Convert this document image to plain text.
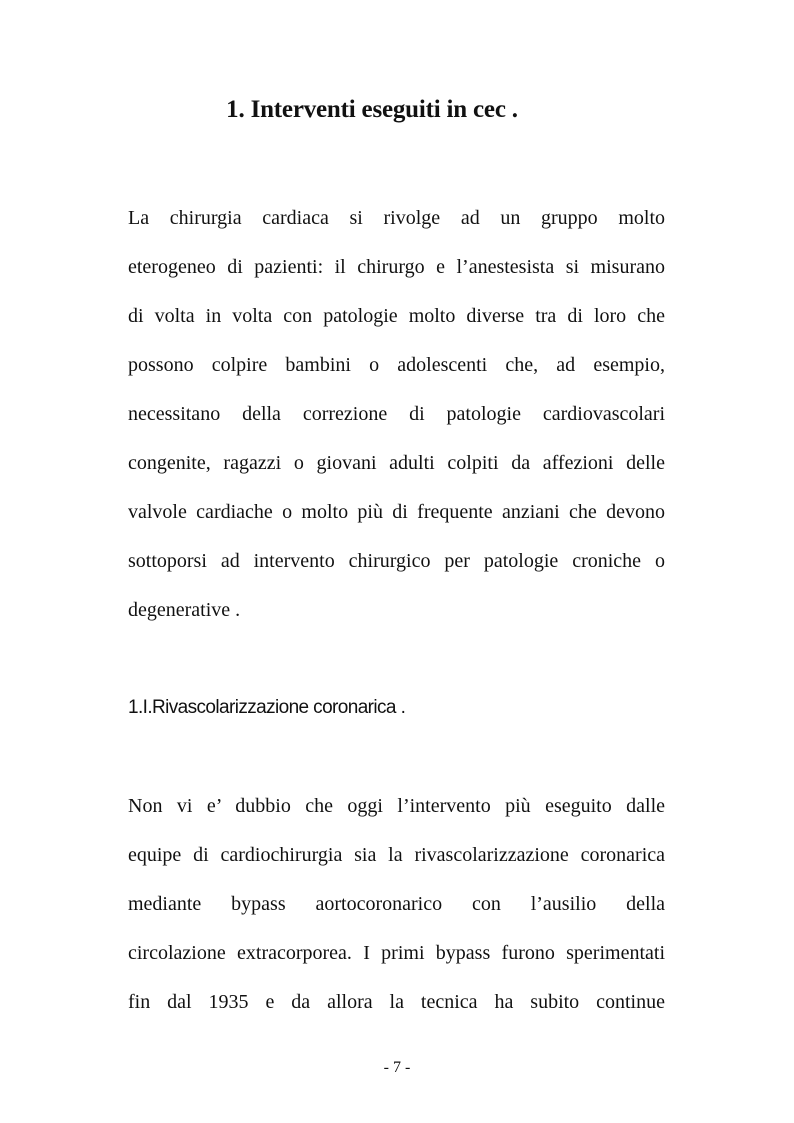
1. Interventi eseguiti in cec .
La chirurgia cardiaca si rivolge ad un gruppo molto
eterogeneo di pazienti: il chirurgo e l’anestesista si misurano
di volta in volta con patologie molto diverse tra di loro che
possono colpire bambini o adolescenti che, ad esempio,
necessitano della correzione di patologie cardiovascolari
congenite, ragazzi o giovani adulti colpiti da affezioni delle
valvole cardiache o molto più di frequente anziani che devono
sottoporsi ad intervento chirurgico per patologie croniche o
degenerative .
1.I.Rivascolarizzazione coronarica .
Non vi e’ dubbio che oggi l’intervento più eseguito dalle
equipe di cardiochirurgia sia la rivascolarizzazione coronarica
mediante bypass aortocoronarico con l’ausilio della
circolazione extracorporea. I primi bypass furono sperimentati
fin dal 1935 e da allora la tecnica ha subito continue
- 7 -
